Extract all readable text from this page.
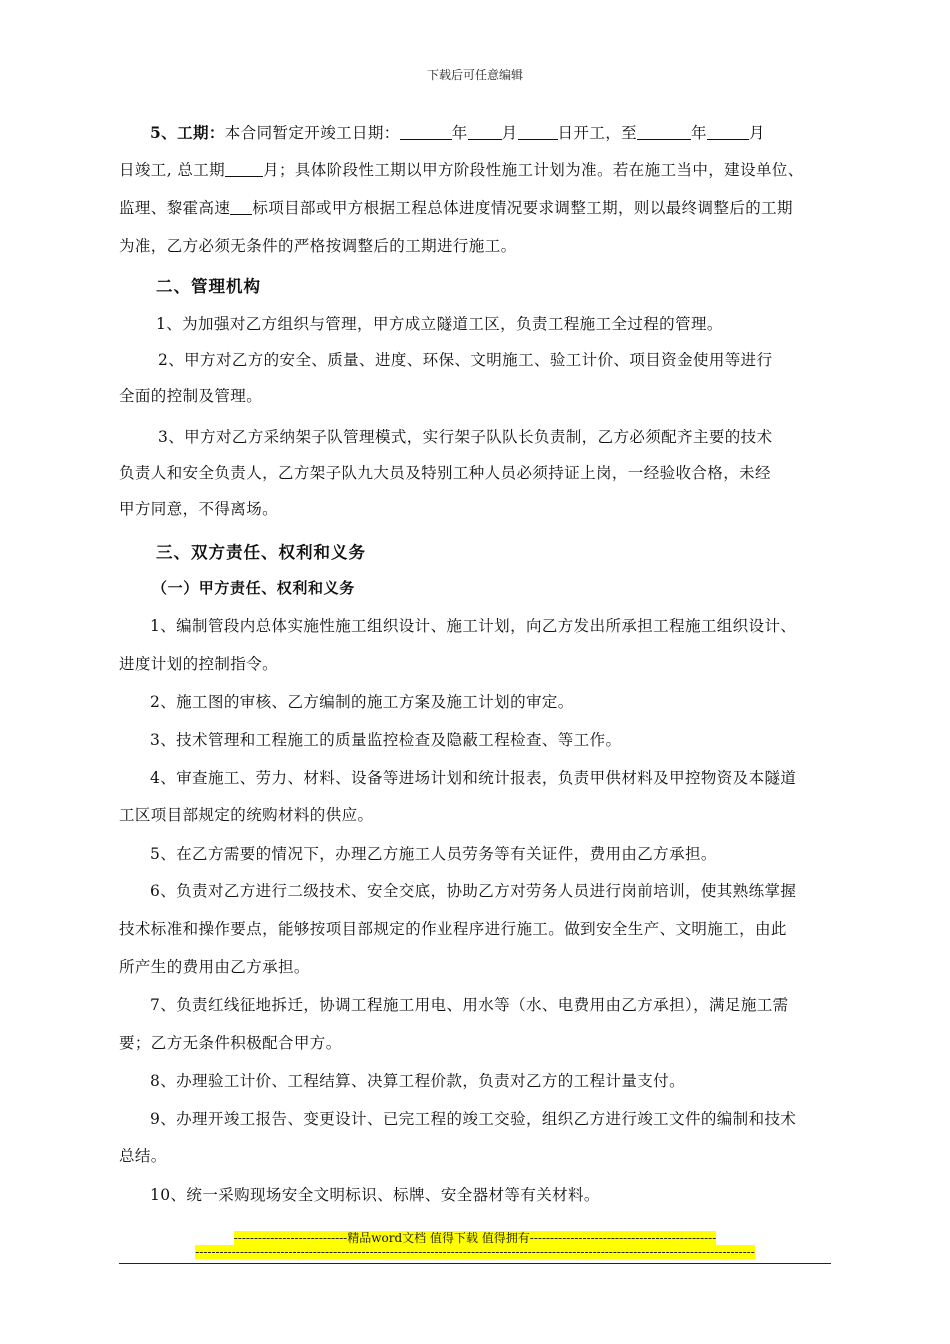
下载后可任意编辑
5、工期：本合同暂定开竣工日期：	年 月	日开工，至	年	月
日竣工, 总工期 月；具体阶段性工期以甲方阶段性施工计划为准。若在施工当中，建设单位、
监理、黎霍高速 标项目部或甲方根据工程总体进度情况要求调整工期，则以最终调整后的工期
为准，乙方必须无条件的严格按调整后的工期进行施工。
二、管理机构
1、为加强对乙方组织与管理，甲方成立隧道工区，负责工程施工全过程的管理。
2、甲方对乙方的安全、质量、进度、环保、文明施工、验工计价、项目资金使用等进行
全面的控制及管理。
3、甲方对乙方采纳架子队管理模式，实行架子队队长负责制，乙方必须配齐主要的技术
负责人和安全负责人，乙方架子队九大员及特别工种人员必须持证上岗，一经验收合格，未经
甲方同意，不得离场。
三、双方责任、权利和义务
（一）甲方责任、权利和义务
1、编制管段内总体实施性施工组织设计、施工计划，向乙方发出所承担工程施工组织设计、
进度计划的控制指令。
2、施工图的审核、乙方编制的施工方案及施工计划的审定。
3、技术管理和工程施工的质量监控检查及隐蔽工程检查、等工作。
4、审查施工、劳力、材料、设备等进场计划和统计报表，负责甲供材料及甲控物资及本隧道
工区项目部规定的统购材料的供应。
5、在乙方需要的情况下，办理乙方施工人员劳务等有关证件，费用由乙方承担。
6、负责对乙方进行二级技术、安全交底，协助乙方对劳务人员进行岗前培训，使其熟练掌握
技术标准和操作要点，能够按项目部规定的作业程序进行施工。做到安全生产、文明施工，由此
所产生的费用由乙方承担。
7、负责红线征地拆迁，协调工程施工用电、用水等（水、电费用由乙方承担），满足施工需
要；乙方无条件积极配合甲方。
8、办理验工计价、工程结算、决算工程价款，负责对乙方的工程计量支付。
9、办理开竣工报告、变更设计、已完工程的竣工交验，组织乙方进行竣工文件的编制和技术
总结。
10、统一采购现场安全文明标识、标牌、安全器材等有关材料。
----------------------------精品word文档 值得下载 值得拥有----------------------------------------------
------------------------------------------------------------------------------------------------------------------------------------------
